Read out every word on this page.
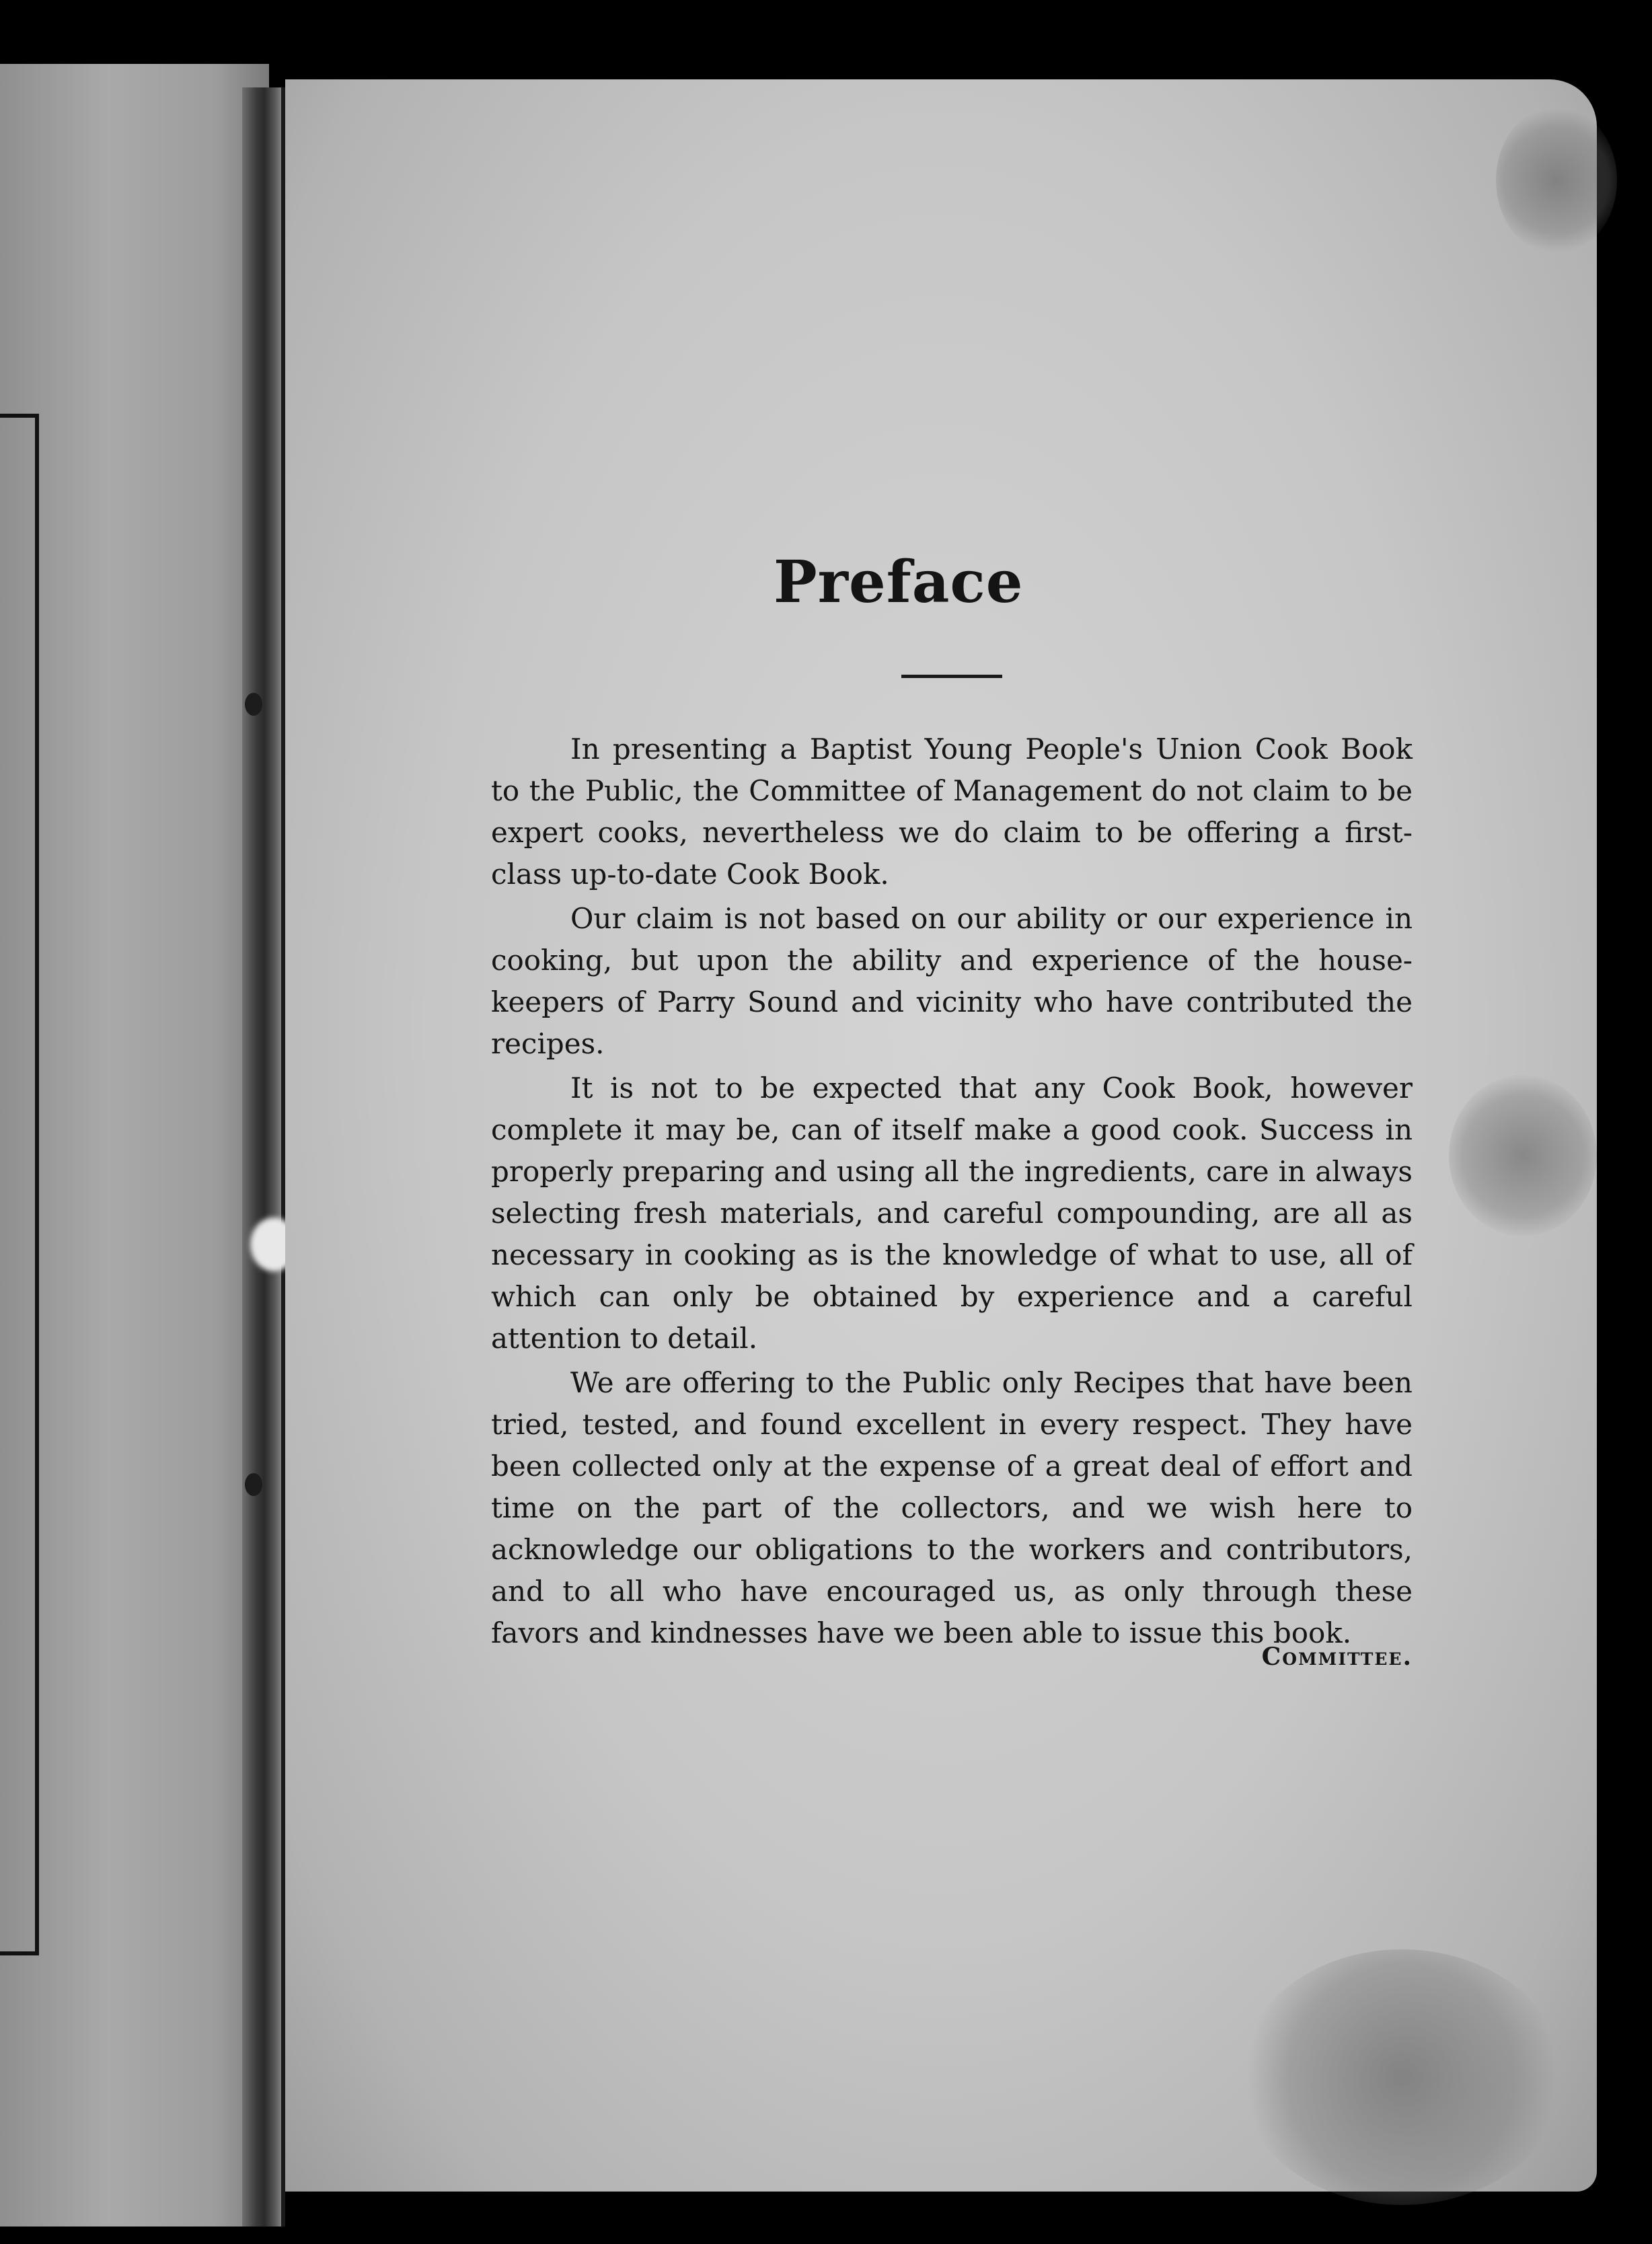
Preface

In presenting a Baptist Young People's Union Cook Book to the Public, the Committee of Management do not claim to be expert cooks, nevertheless we do claim to be offering a first-class up-to-date Cook Book.

Our claim is not based on our ability or our experience in cooking, but upon the ability and experience of the house-keepers of Parry Sound and vicinity who have contributed the recipes.

It is not to be expected that any Cook Book, however complete it may be, can of itself make a good cook. Success in properly preparing and using all the ingredients, care in always selecting fresh materials, and careful compounding, are all as necessary in cooking as is the knowledge of what to use, all of which can only be obtained by experience and a careful attention to detail.

We are offering to the Public only Recipes that have been tried, tested, and found excellent in every respect. They have been collected only at the expense of a great deal of effort and time on the part of the collectors, and we wish here to acknowledge our obligations to the workers and contributors, and to all who have encouraged us, as only through these favors and kindnesses have we been able to issue this book.

Committee.
